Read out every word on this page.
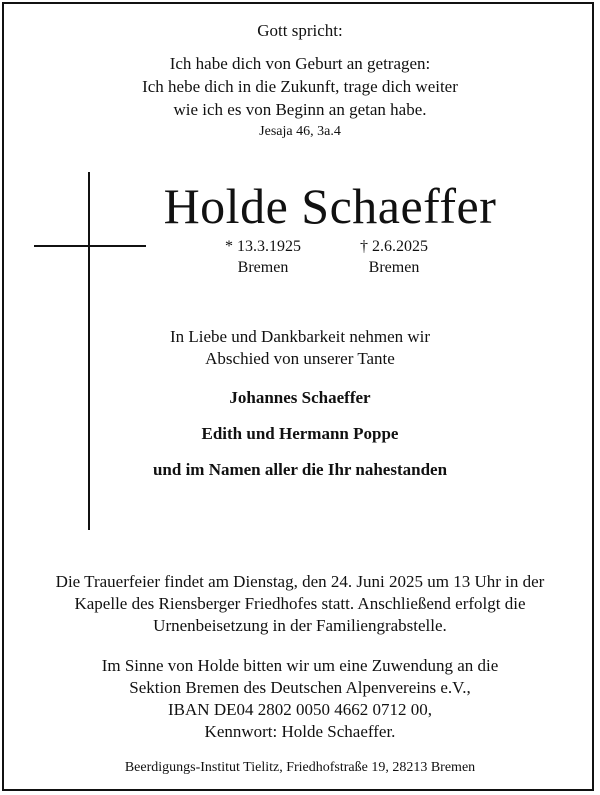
Gott spricht:
Ich habe dich von Geburt an getragen:
Ich hebe dich in die Zukunft, trage dich weiter
wie ich es von Beginn an getan habe.
Jesaja 46, 3a.4
Holde Schaeffer
* 13.3.1925
Bremen
† 2.6.2025
Bremen
In Liebe und Dankbarkeit nehmen wir
Abschied von unserer Tante
Johannes Schaeffer
Edith und Hermann Poppe
und im Namen aller die Ihr nahestanden
Die Trauerfeier findet am Dienstag, den 24. Juni 2025 um 13 Uhr in der
Kapelle des Riensberger Friedhofes statt. Anschließend erfolgt die
Urnenbeisetzung in der Familiengrabstelle.
Im Sinne von Holde bitten wir um eine Zuwendung an die
Sektion Bremen des Deutschen Alpenvereins e.V.,
IBAN DE04 2802 0050 4662 0712 00,
Kennwort: Holde Schaeffer.
Beerdigungs-Institut Tielitz, Friedhofstraße 19, 28213 Bremen
